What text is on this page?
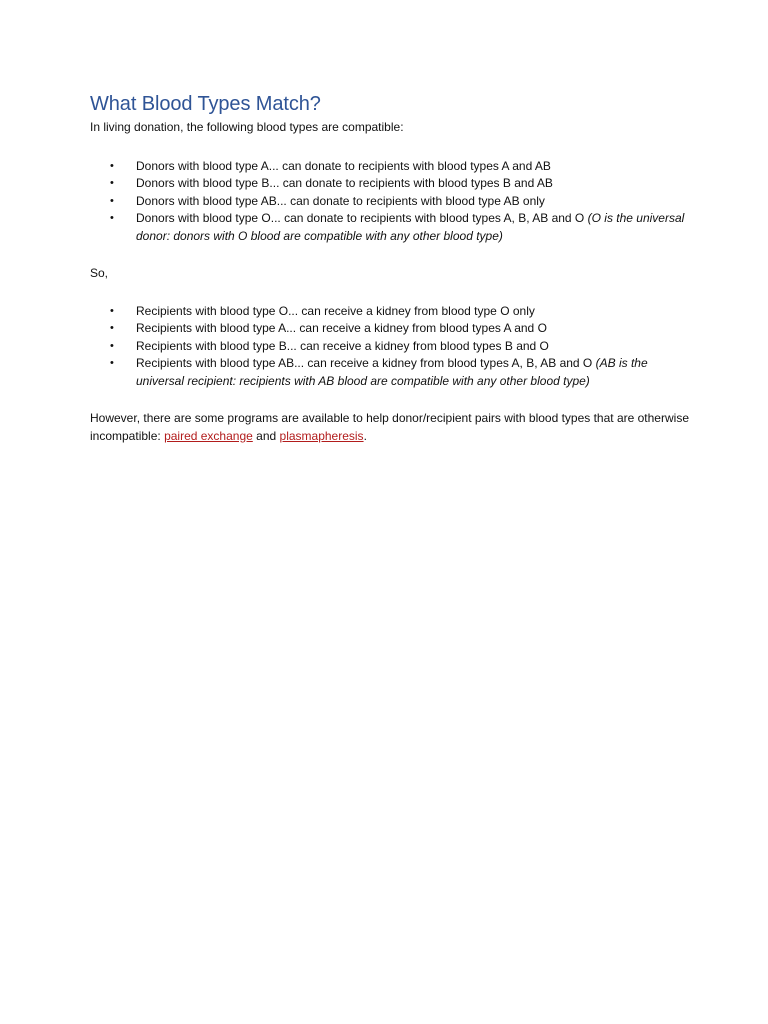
What Blood Types Match?

In living donation, the following blood types are compatible:

• Donors with blood type A... can donate to recipients with blood types A and AB
• Donors with blood type B... can donate to recipients with blood types B and AB
• Donors with blood type AB... can donate to recipients with blood type AB only
• Donors with blood type O... can donate to recipients with blood types A, B, AB and O (O is the universal donor: donors with O blood are compatible with any other blood type)

So,

• Recipients with blood type O... can receive a kidney from blood type O only
• Recipients with blood type A... can receive a kidney from blood types A and O
• Recipients with blood type B... can receive a kidney from blood types B and O
• Recipients with blood type AB... can receive a kidney from blood types A, B, AB and O (AB is the universal recipient: recipients with AB blood are compatible with any other blood type)

However, there are some programs are available to help donor/recipient pairs with blood types that are otherwise incompatible: paired exchange and plasmapheresis.
